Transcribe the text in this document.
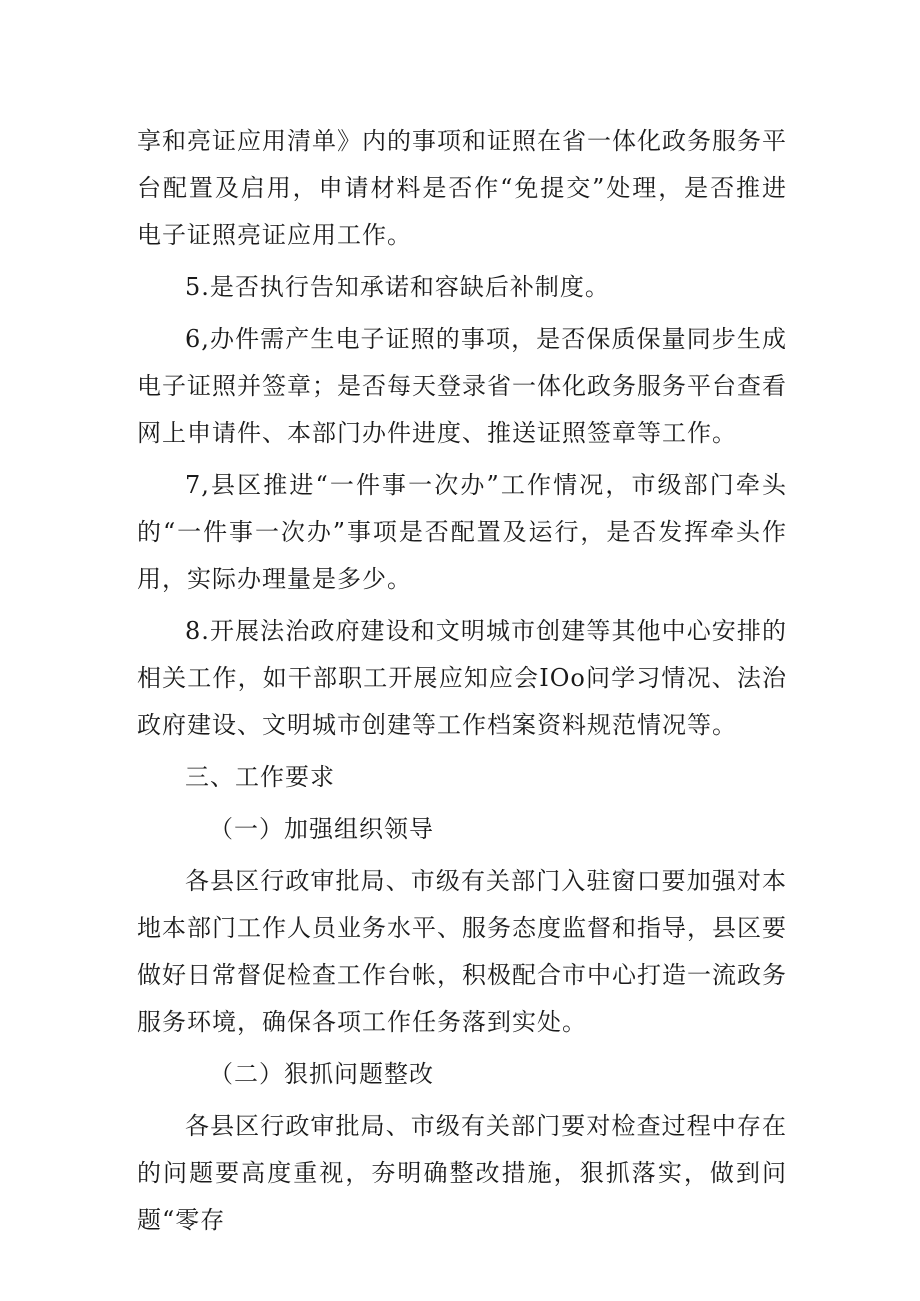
享和亮证应用清单》内的事项和证照在省一体化政务服务平台配置及启用，申请材料是否作“免提交”处理，是否推进电子证照亮证应用工作。

5.是否执行告知承诺和容缺后补制度。

6,办件需产生电子证照的事项，是否保质保量同步生成电子证照并签章；是否每天登录省一体化政务服务平台查看网上申请件、本部门办件进度、推送证照签章等工作。

7,县区推进“一件事一次办”工作情况，市级部门牵头的“一件事一次办”事项是否配置及运行，是否发挥牵头作用，实际办理量是多少。

8.开展法治政府建设和文明城市创建等其他中心安排的相关工作，如干部职工开展应知应会IOo问学习情况、法治政府建设、文明城市创建等工作档案资料规范情况等。

三、工作要求

（一）加强组织领导

各县区行政审批局、市级有关部门入驻窗口要加强对本地本部门工作人员业务水平、服务态度监督和指导，县区要做好日常督促检查工作台帐，积极配合市中心打造一流政务服务环境，确保各项工作任务落到实处。

（二）狠抓问题整改

各县区行政审批局、市级有关部门要对检查过程中存在的问题要高度重视，夯明确整改措施，狠抓落实，做到问题“零存
